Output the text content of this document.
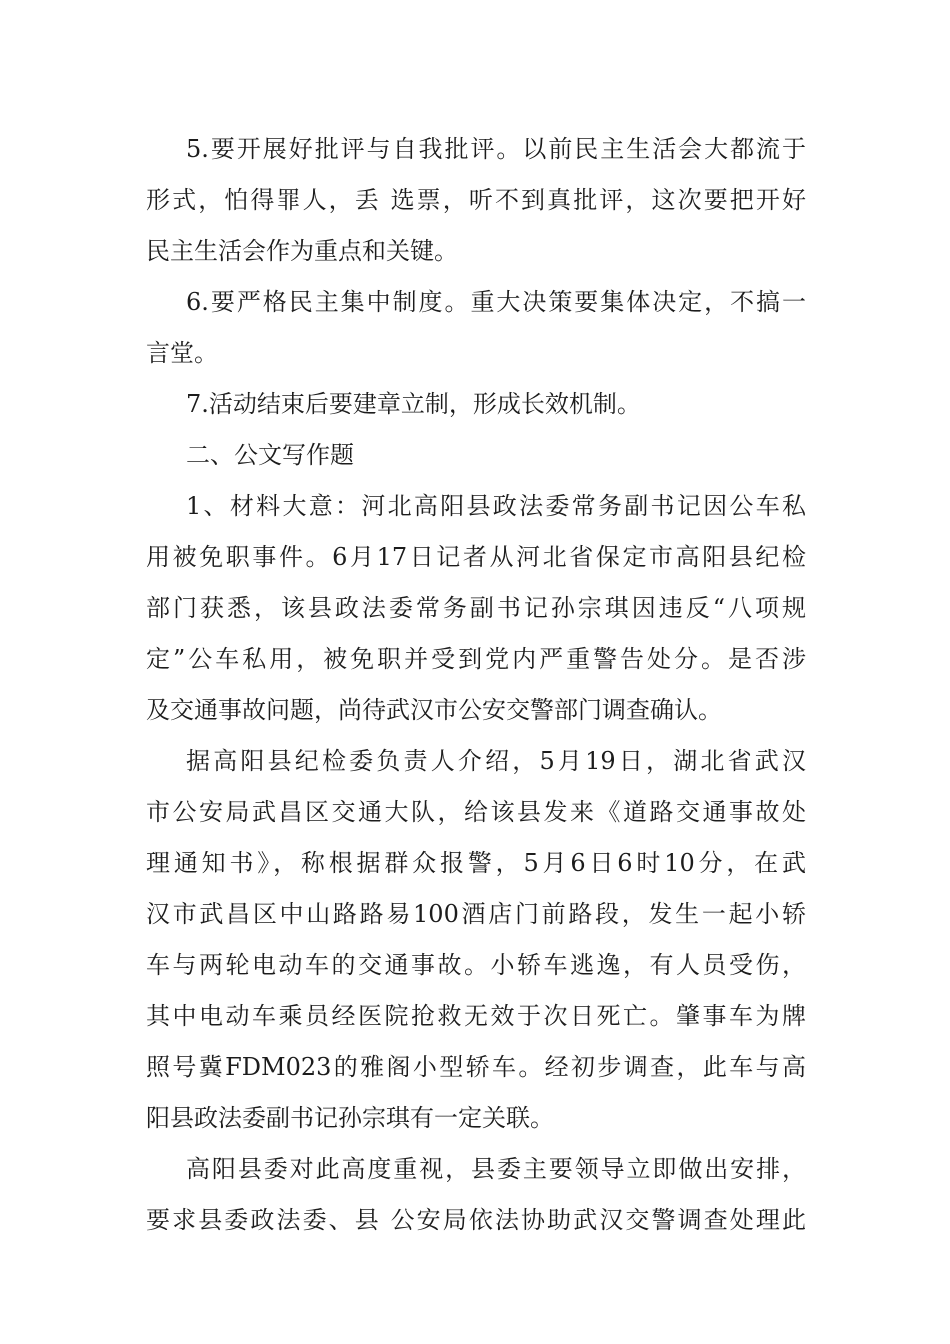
5.要开展好批评与自我批评。以前民主生活会大都流于
形式，怕得罪人，丢 选票，听不到真批评，这次要把开好
民主生活会作为重点和关键。
6.要严格民主集中制度。重大决策要集体决定，不搞一
言堂。
7.活动结束后要建章立制，形成长效机制。
二、公文写作题
1、材料大意：河北高阳县政法委常务副书记因公车私
用被免职事件。6月17日记者从河北省保定市高阳县纪检
部门获悉，该县政法委常务副书记孙宗琪因违反“八项规
定”公车私用，被免职并受到党内严重警告处分。是否涉
及交通事故问题，尚待武汉市公安交警部门调查确认。
据高阳县纪检委负责人介绍，5月19日，湖北省武汉
市公安局武昌区交通大队，给该县发来《道路交通事故处
理通知书》，称根据群众报警，5月6日6时10分，在武
汉市武昌区中山路路易100酒店门前路段，发生一起小轿
车与两轮电动车的交通事故。小轿车逃逸，有人员受伤，
其中电动车乘员经医院抢救无效于次日死亡。肇事车为牌
照号冀FDM023的雅阁小型轿车。经初步调查，此车与高
阳县政法委副书记孙宗琪有一定关联。
高阳县委对此高度重视，县委主要领导立即做出安排，
要求县委政法委、县 公安局依法协助武汉交警调查处理此
